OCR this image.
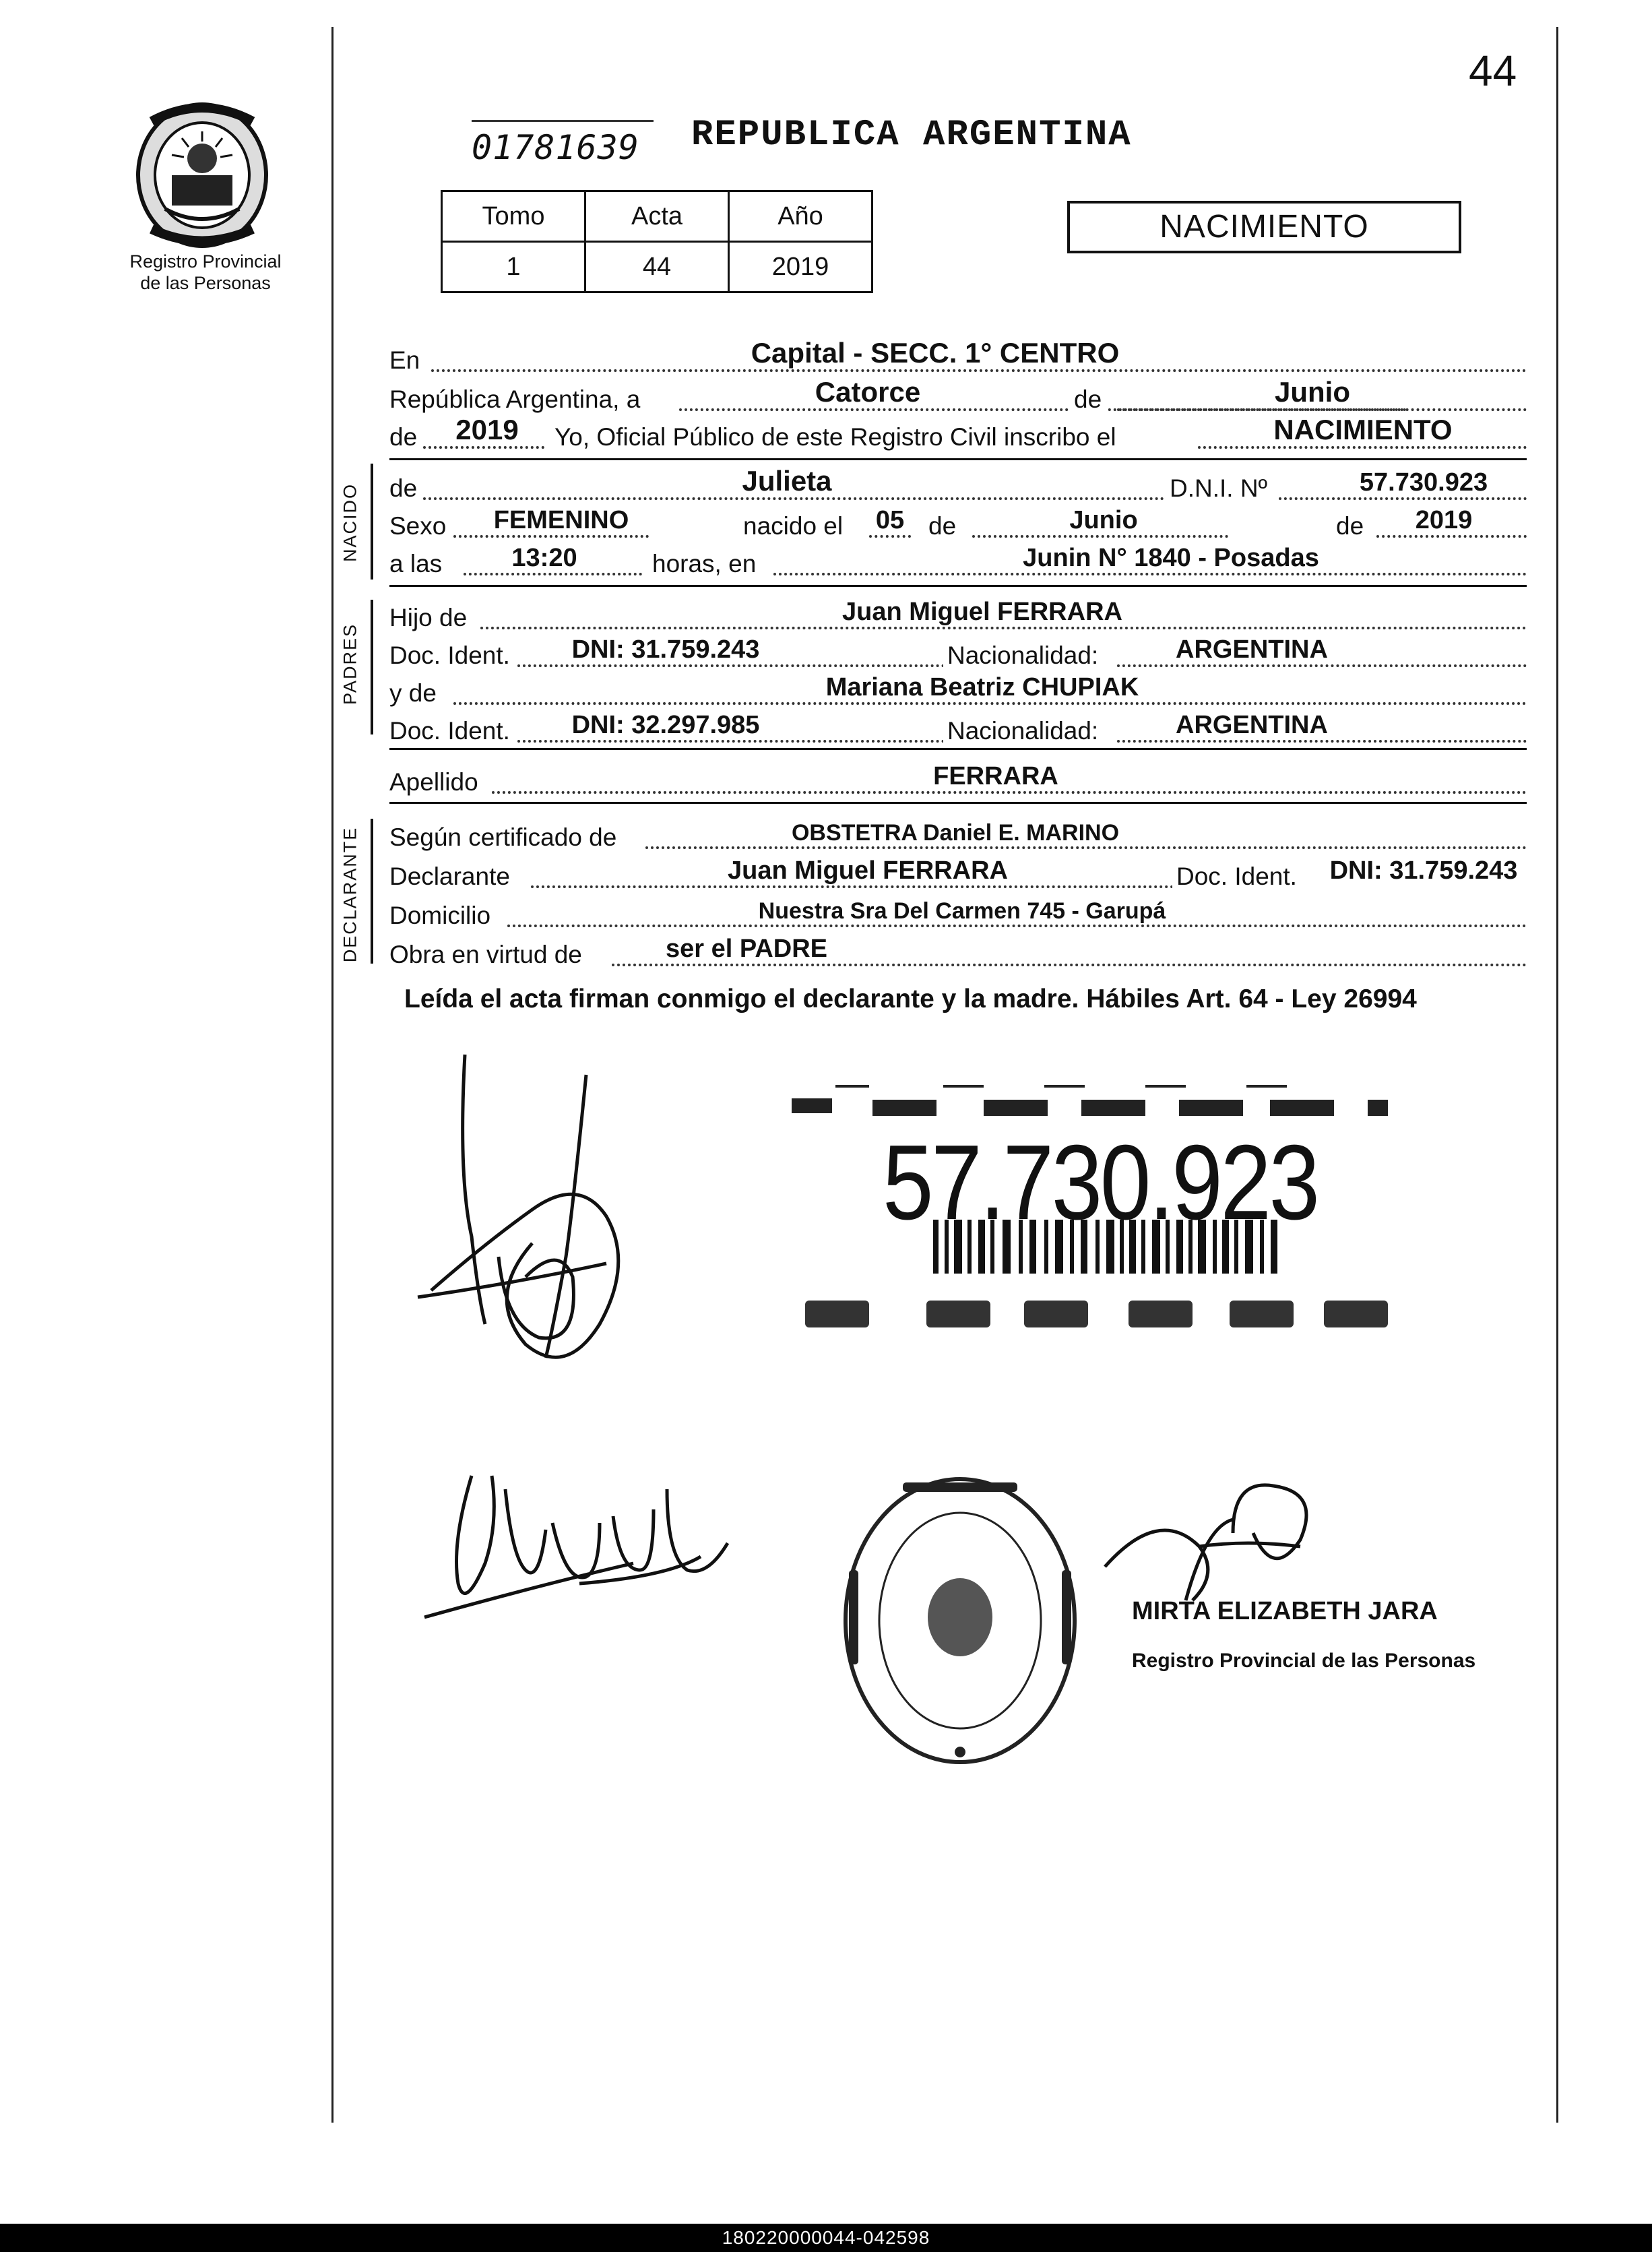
44
Registro Provincial
de las Personas
01781639 REPUBLICA ARGENTINA
Tomo	Acta	Año
1	44	2019
NACIMIENTO
En	Capital - SECC. 1° CENTRO
República Argentina, a	Catorce	de	Junio
de	2019	Yo, Oficial Público de este Registro Civil inscribo el	NACIMIENTO
NACIDO de	Julieta	D.N.I. Nº	57.730.923
Sexo	FEMENINO	nacido el 05 de	Junio	de	2019
a las	13:20	horas, en	Junin N° 1840 - Posadas
PADRES
Hijo de	Juan Miguel FERRARA
Doc. Ident.	DNI: 31.759.243	Nacionalidad:	ARGENTINA
y de	Mariana Beatriz CHUPIAK
Doc. Ident.	DNI: 32.297.985	Nacionalidad:	ARGENTINA
Apellido	FERRARA
DECLARANTE Según certificado de	OBSTETRA Daniel E. MARINO
Declarante	Juan Miguel FERRARA	Doc. Ident.	DNI: 31.759.243
Domicilio	Nuestra Sra Del Carmen 745 - Garupá
Obra en virtud de	ser el PADRE
Leída el acta firman conmigo el declarante y la madre. Hábiles Art. 64 - Ley 26994
57.730.923
MIRTA ELIZABETH JARA
Registro Provincial de las Personas
180220000044-042598
